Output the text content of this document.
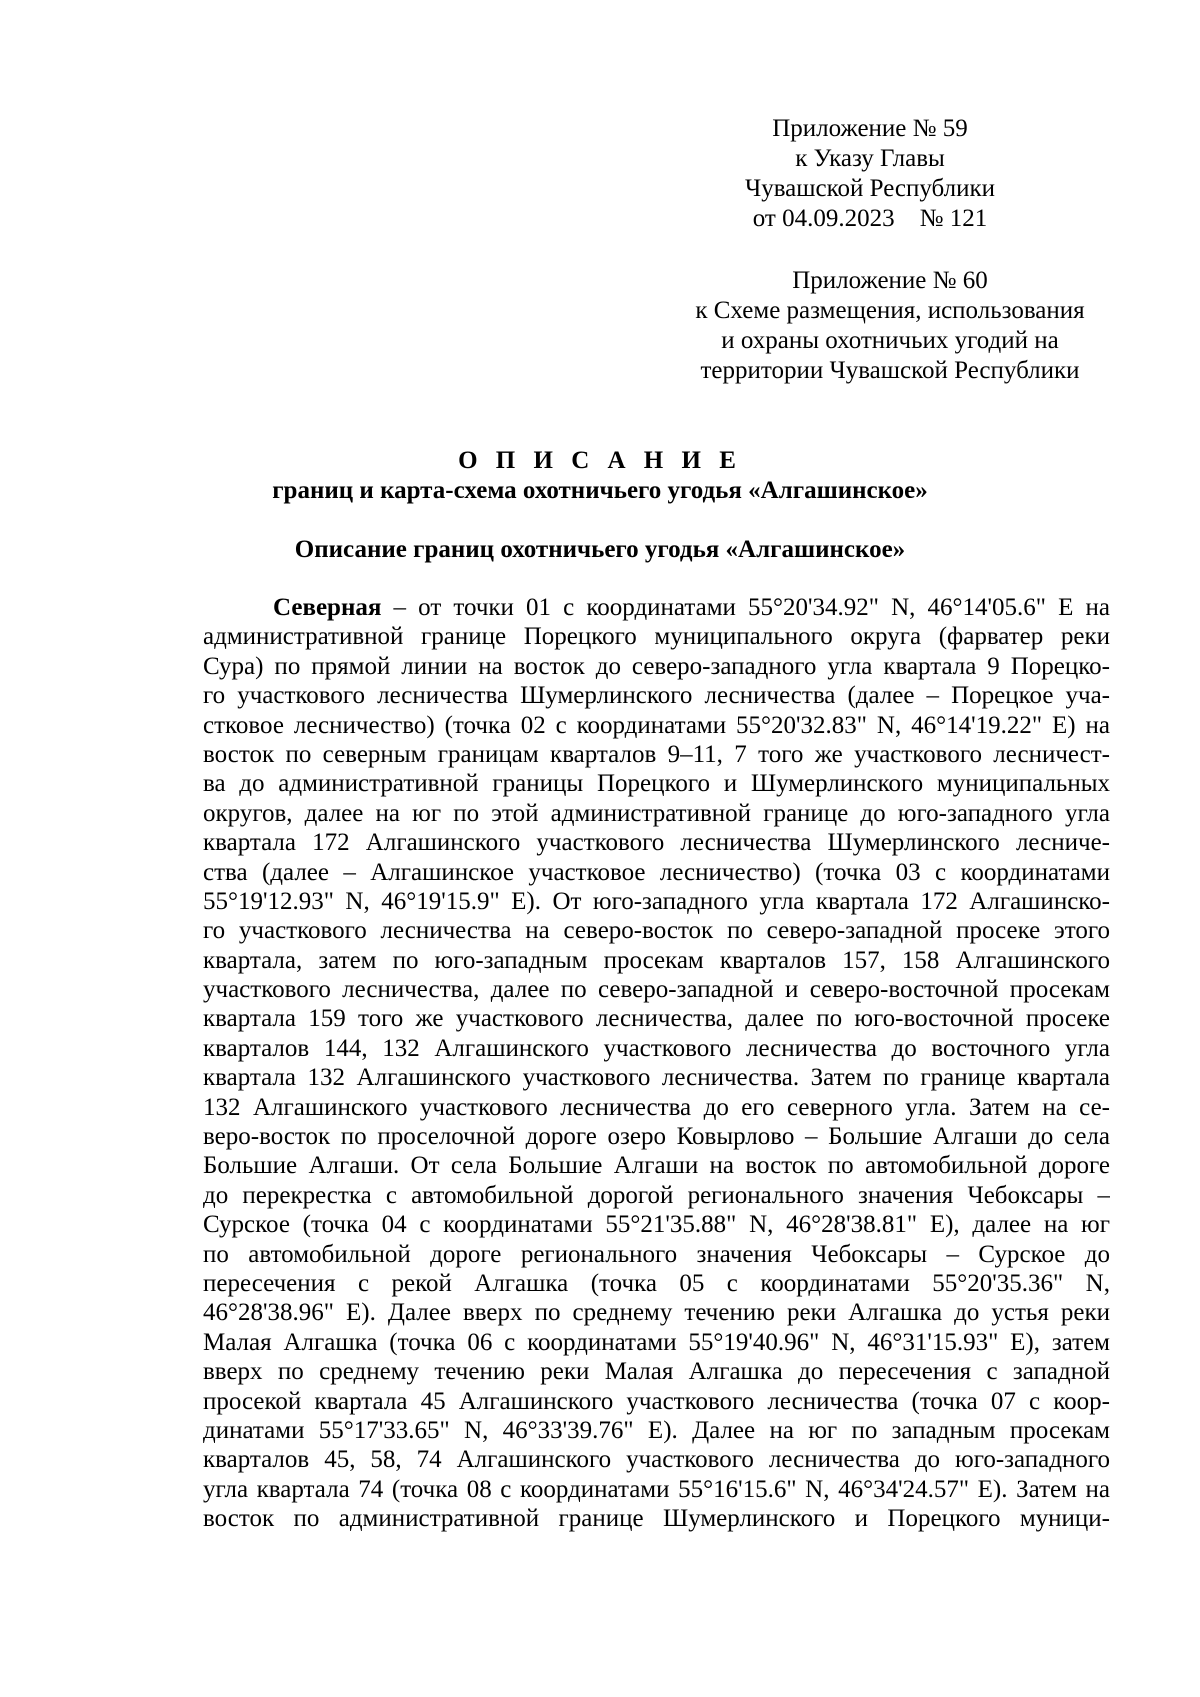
Приложение № 59
к Указу Главы
Чувашской Республики
от 04.09.2023    № 121
Приложение № 60
к Схеме размещения, использования
и охраны охотничьих угодий на
территории Чувашской Республики
О П И С А Н И Е
границ и карта-схема охотничьего угодья «Алгашинское»
Описание границ охотничьего угодья «Алгашинское»
Северная – от точки 01 с координатами 55°20'34.92" N, 46°14'05.6" E на
административной границе Порецкого муниципального округа (фарватер реки
Сура) по прямой линии на восток до северо-западного угла квартала 9 Порецко-
го участкового лесничества Шумерлинского лесничества (далее – Порецкое уча-
стковое лесничество) (точка 02 с координатами 55°20'32.83" N, 46°14'19.22" E) на
восток по северным границам кварталов 9–11, 7 того же участкового лесничест-
ва до административной границы Порецкого и Шумерлинского муниципальных
округов, далее на юг по этой административной границе до юго-западного угла
квартала 172 Алгашинского участкового лесничества Шумерлинского лесниче-
ства (далее – Алгашинское участковое лесничество) (точка 03 с координатами
55°19'12.93" N, 46°19'15.9" E). От юго-западного угла квартала 172 Алгашинско-
го участкового лесничества на северо-восток по северо-западной просеке этого
квартала, затем по юго-западным просекам кварталов 157, 158 Алгашинского
участкового лесничества, далее по северо-западной и северо-восточной просекам
квартала 159 того же участкового лесничества, далее по юго-восточной просеке
кварталов 144, 132 Алгашинского участкового лесничества до восточного угла
квартала 132 Алгашинского участкового лесничества. Затем по границе квартала
132 Алгашинского участкового лесничества до его северного угла. Затем на се-
веро-восток по проселочной дороге озеро Ковырлово – Большие Алгаши до села
Большие Алгаши. От села Большие Алгаши на восток по автомобильной дороге
до перекрестка с автомобильной дорогой регионального значения Чебоксары –
Сурское (точка 04 с координатами 55°21'35.88" N, 46°28'38.81" E), далее на юг
по автомобильной дороге регионального значения Чебоксары – Сурское до
пересечения с рекой Алгашка (точка 05 с координатами 55°20'35.36" N,
46°28'38.96" E). Далее вверх по среднему течению реки Алгашка до устья реки
Малая Алгашка (точка 06 с координатами 55°19'40.96" N, 46°31'15.93" E), затем
вверх по среднему течению реки Малая Алгашка до пересечения с западной
просекой квартала 45 Алгашинского участкового лесничества (точка 07 с коор-
динатами 55°17'33.65" N, 46°33'39.76" E). Далее на юг по западным просекам
кварталов 45, 58, 74 Алгашинского участкового лесничества до юго-западного
угла квартала 74 (точка 08 с координатами 55°16'15.6" N, 46°34'24.57" E). Затем на
восток по административной границе Шумерлинского и Порецкого муници-
